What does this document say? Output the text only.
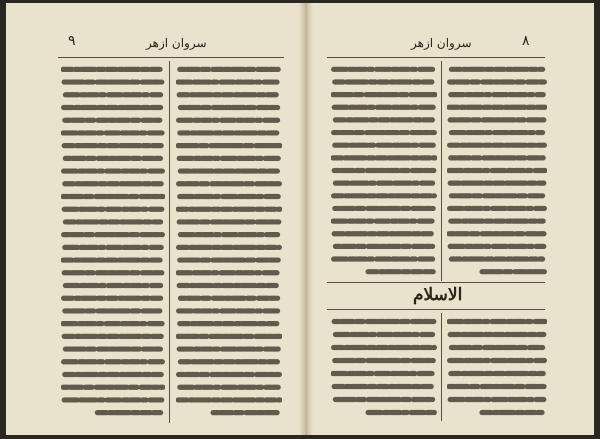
٩	سروان ازهر	سروان ازهر	٨
الاسلام
